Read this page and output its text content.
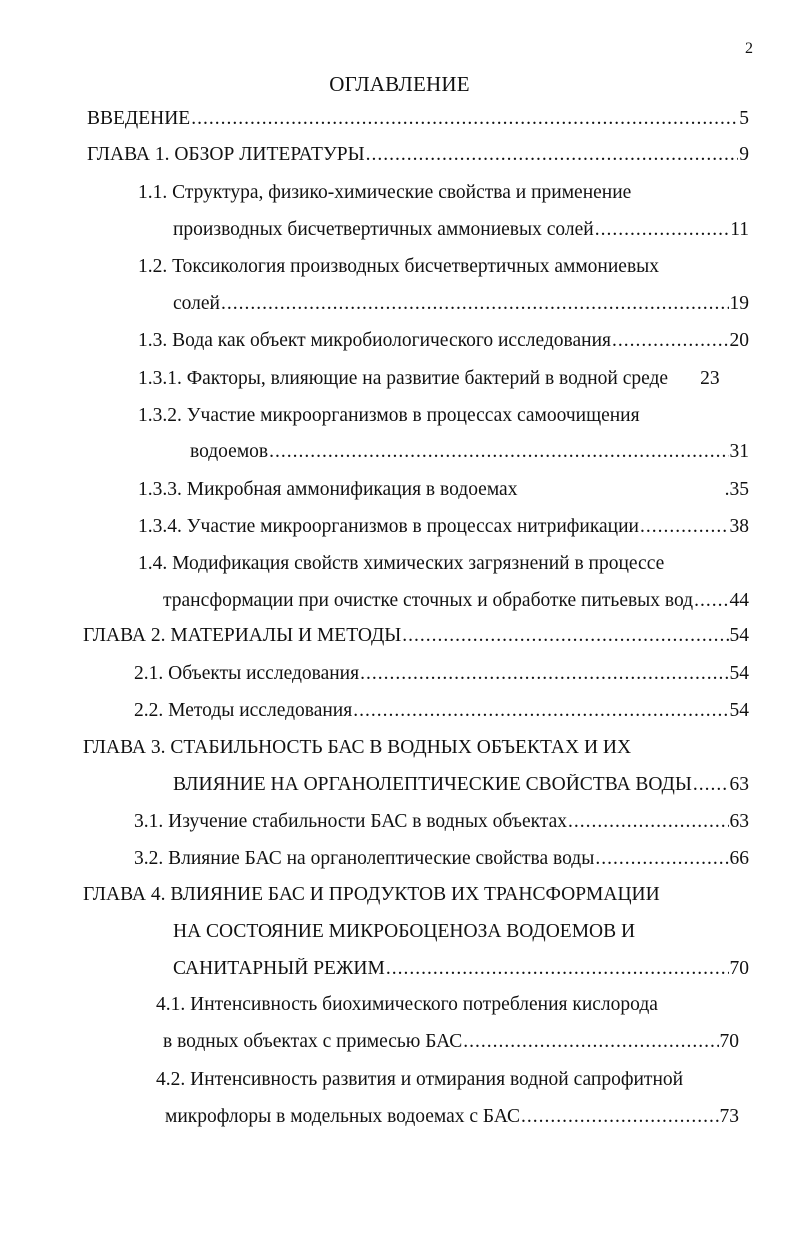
2
ОГЛАВЛЕНИЕ
ВВЕДЕНИЕ .....	5
ГЛАВА 1. ОБЗОР ЛИТЕРАТУРЫ .....	9
1.1. Структура, физико-химические свойства и применение
производных бисчетвертичных аммониевых солей .....	11
1.2. Токсикология производных бисчетвертичных аммониевых
солей .....	19
1.3. Вода как объект микробиологического исследования .....	20
1.3.1. Факторы, влияющие на развитие бактерий в водной среде 23
1.3.2. Участие микроорганизмов в процессах самоочищения
водоемов .....	31
1.3.3. Микробная аммонификация в водоемах	.35
1.3.4. Участие микроорганизмов в процессах нитрификации .....	38
1.4. Модификация свойств химических загрязнений в процессе
трансформации при очистке сточных и обработке питьевых вод ..... 44
ГЛАВА 2. МАТЕРИАЛЫ И МЕТОДЫ .....	54
2.1. Объекты исследования .....	54
2.2. Методы исследования .....	54
ГЛАВА 3. СТАБИЛЬНОСТЬ БАС В ВОДНЫХ ОБЪЕКТАХ И ИХ
ВЛИЯНИЕ НА ОРГАНОЛЕПТИЧЕСКИЕ СВОЙСТВА ВОДЫ ..... 63
3.1. Изучение стабильности БАС в водных объектах .....	63
3.2. Влияние БАС на органолептические свойства воды .....	66
ГЛАВА 4. ВЛИЯНИЕ БАС И ПРОДУКТОВ ИХ ТРАНСФОРМАЦИИ
НА СОСТОЯНИЕ МИКРОБОЦЕНОЗА ВОДОЕМОВ И
САНИТАРНЫЙ РЕЖИМ .....	70
4.1. Интенсивность биохимического потребления кислорода
в водных объектах с примесью БАС .....	70
4.2. Интенсивность развития и отмирания водной сапрофитной
микрофлоры в модельных водоемах с БАС .....	73
